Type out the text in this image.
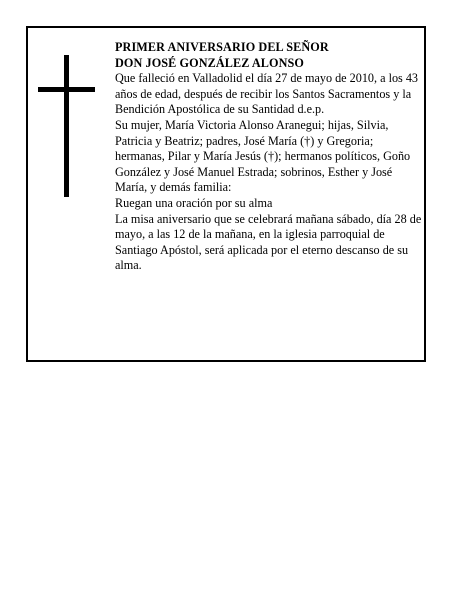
PRIMER ANIVERSARIO DEL SEÑOR

DON JOSÉ GONZÁLEZ ALONSO

Que falleció en Valladolid el día 27 de mayo de 2010, a los 43 años de edad, después de recibir los Santos Sacramentos y la Bendición Apostólica de su Santidad d.e.p.

Su mujer, María Victoria Alonso Aranegui; hijas, Silvia, Patricia y Beatriz; padres, José María (†) y Gregoria; hermanas, Pilar y María Jesús (†); hermanos políticos, Goño González y José Manuel Estrada; sobrinos, Esther y José María, y demás familia:

Ruegan una oración por su alma

La misa aniversario que se celebrará mañana sábado, día 28 de mayo, a las 12 de la mañana, en la iglesia parroquial de Santiago Apóstol, será aplicada por el eterno descanso de su alma.
